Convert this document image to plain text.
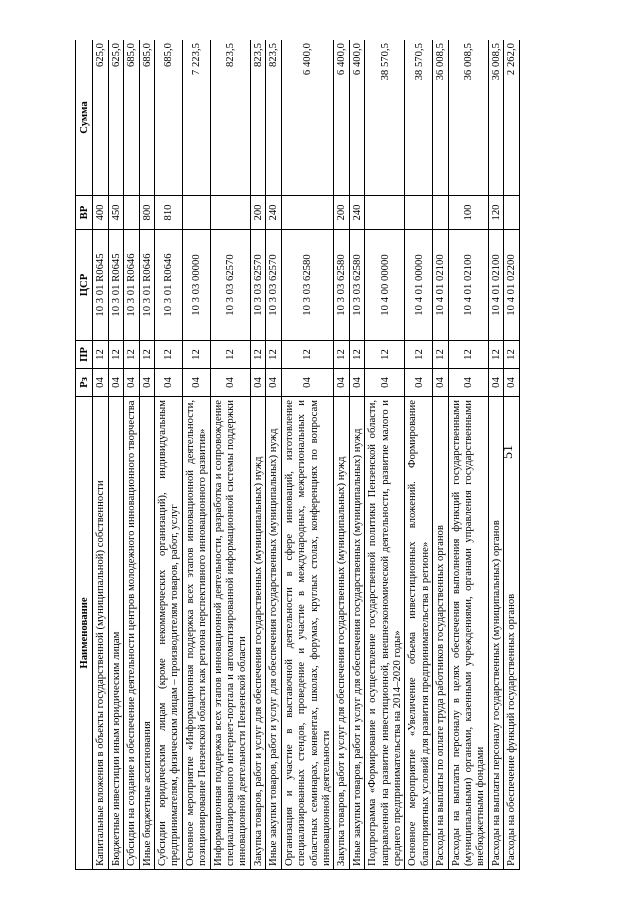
51
Наименование	Рз	ПР	ЦСР	ВР	Сумма
Капитальные вложения в объекты государственной (муниципальной) собственности	04	12	10 3 01 R0645	400	625,0
Бюджетные инвестиции иным юридическим лицам	04	12	10 3 01 R0645	450	625,0
Субсидии на создание и обеспечение деятельности центров молодежного инновационного творчества	04	12	10 3 01 R0646		685,0
Иные бюджетные ассигнования	04	12	10 3 01 R0646	800	685,0
Субсидии юридическим лицам (кроме некоммерческих организаций), индивидуальным предпринимателям, физическим лицам – производителям товаров, работ, услуг	04	12	10 3 01 R0646	810	685,0
Основное мероприятие «Информационная поддержка всех этапов инновационной деятельности, позиционирование Пензенской области как региона перспективного инновационного развития»	04	12	10 3 03 00000		7 223,5
Информационная поддержка всех этапов инновационной деятельности, разработка и сопровождение специализированного интернет-портала и автоматизированной информационной системы поддержки инновационной деятельности Пензенской области	04	12	10 3 03 62570		823,5
Закупка товаров, работ и услуг для обеспечения государственных (муниципальных) нужд	04	12	10 3 03 62570	200	823,5
Иные закупки товаров, работ и услуг для обеспечения государственных (муниципальных) нужд	04	12	10 3 03 62570	240	823,5
Организация и участие в выставочной деятельности в сфере инноваций, изготовление специализированных стендов, проведение и участие в международных, межрегиональных и областных семинарах, конвентах, школах, форумах, круглых столах, конференциях по вопросам инновационной деятельности	04	12	10 3 03 62580		6 400,0
Закупка товаров, работ и услуг для обеспечения государственных (муниципальных) нужд	04	12	10 3 03 62580	200	6 400,0
Иные закупки товаров, работ и услуг для обеспечения государственных (муниципальных) нужд	04	12	10 3 03 62580	240	6 400,0
Подпрограмма «Формирование и осуществление государственной политики Пензенской области, направленной на развитие инвестиционной, внешнеэкономической деятельности, развитие малого и среднего предпринимательства на 2014–2020 годы»	04	12	10 4 00 00000		38 570,5
Основное мероприятие «Увеличение объема инвестиционных вложений. Формирование благоприятных условий для развития предпринимательства в регионе»	04	12	10 4 01 00000		38 570,5
Расходы на выплаты по оплате труда работников государственных органов	04	12	10 4 01 02100		36 008,5
Расходы на выплаты персоналу в целях обеспечения выполнения функций государственными (муниципальными) органами, казенными учреждениями, органами управления государственными внебюджетными фондами	04	12	10 4 01 02100	100	36 008,5
Расходы на выплаты персоналу государственных (муниципальных) органов	04	12	10 4 01 02100	120	36 008,5
Расходы на обеспечение функций государственных органов	04	12	10 4 01 02200		2 262,0
